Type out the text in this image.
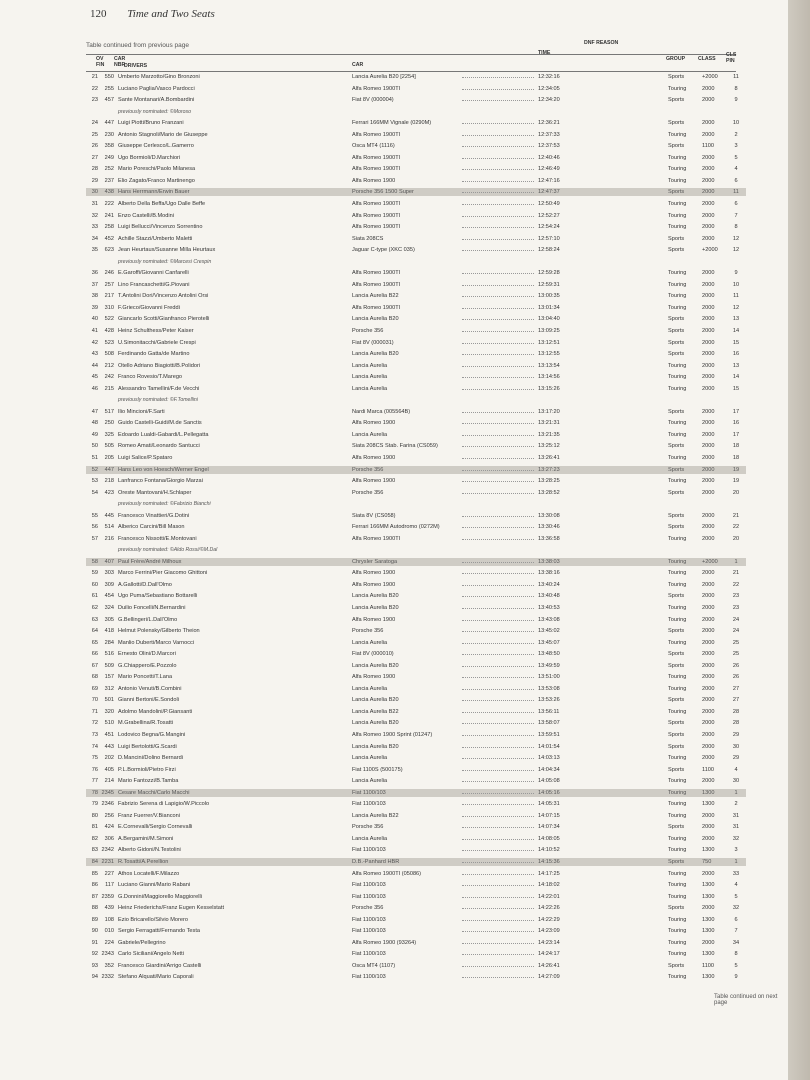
120 Time and Two Seats
Table continued from previous page
OV FIN
CAR NBR
DRIVERS	CAR
TIME
DNF REASON
GROUP CLASS
CLS PIN
21	550 Umberto Marzotto/Gino Bronzoni	Lancia Aurelia B20 [2254]	12:32:16	Sports	+2000	11
22	255 Luciano Paglia/Vasco Pardocci	Alfa Romeo 1900TI	12:34:05	Touring	2000	8
23	457 Sante Montanari/A.Bombardini	Fiat 8V (000004)	12:34:20	Sports	2000	9
previously nominated: ©Moroso
24	447 Luigi Piotti/Bruno Franzani	Ferrari 166MM Vignale (0290M)	12:36:21	Sports	2000	10
25	230 Antonio Stagnoli/Mario de Giuseppe	Alfa Romeo 1900TI	12:37:33	Touring	2000	2
26	358 Giuseppe Cerlesco/L.Gamerro	Osca MT4 (1116)	12:37:53	Sports	1100	3
27	249 Ugo Bormioli/D.Marchiori	Alfa Romeo 1900TI	12:40:46	Touring	2000	5
28	252 Mario Poreschi/Paolo Milanesa	Alfa Romeo 1900TI	12:46:49	Touring	2000	4
29	237 Elio Zagato/Franco Martinengo	Alfa Romeo 1900	12:47:16	Touring	2000	6
30	438 Hans Herrmann/Erwin Bauer	Porsche 356 1500 Super	12:47:37	Sports	2000	11
31	222 Alberto Della Beffa/Ugo Dalle Beffe	Alfa Romeo 1900TI	12:50:49	Touring	2000	6
32	241 Enzo Castelli/B.Modini	Alfa Romeo 1900TI	12:52:27	Touring	2000	7
33	258 Luigi Bellucci/Vincenzo Sorrentino	Alfa Romeo 1900TI	12:54:24	Touring	2000	8
34	452 Achille Stazzi/Umberto Maletti	Siata 208CS	12:57:10	Sports	2000	12
35	623 Jean Heurtaux/Susanne Milla Heurtaux	Jaguar C-type (XKC 035)	12:58:24	Sports	+2000	12
previously nominated: ©Marcesi Crespin
36	246 E.Garoffi/Giovanni Canfarelli	Alfa Romeo 1900TI	12:59:28	Touring	2000	9
37	257 Lino Francaschetti/G.Piovani	Alfa Romeo 1900TI	12:59:31	Touring	2000	10
38	217 T.Antolini Dori/Vincenzo Antolini Orsi	Lancia Aurelia B22	13:00:35	Touring	2000	11
39	310 F.Grieco/Giovanni Freddi	Alfa Romeo 1900TI	13:01:34	Touring	2000	12
40	522 Giancarlo Scotti/Gianfranco Pierotelli	Lancia Aurelia B20	13:04:40	Sports	2000	13
41	428 Heinz Schulthess/Peter Kaiser	Porsche 356	13:09:25	Sports	2000	14
42	523 U.Simonitacchi/Gabriele Crespi	Fiat 8V (000031)	13:12:51	Sports	2000	15
43	508 Ferdinando Gatta/de Martino	Lancia Aurelia B20	13:12:55	Sports	2000	16
44	212 Otello Adriano Biagiotti/B.Polidori	Lancia Aurelia	13:13:54	Touring	2000	13
45	242 Franco Rovesio/T.Marego	Lancia Aurelia	13:14:56	Touring	2000	14
46	215 Alessandro Tamellini/F.de Vecchi	Lancia Aurelia	13:15:26	Touring	2000	15
previously nominated: ©F.Tomellini
47	517 Ilio Mincioni/F.Sarti	Nardi Marca (005564B)	13:17:20	Sports	2000	17
48	250 Guido Castelli-Guidi/M.de Sanctis	Alfa Romeo 1900	13:21:31	Touring	2000	16
49	325 Edoardo Lualdi-Gabardi/L.Pellegatta	Lancia Aurelia	13:21:35	Touring	2000	17
50	505 Romeo Amati/Leonardo Santucci	Siata 208CS Stab. Farina (CS059)	13:25:12	Sports	2000	18
51	205 Luigi Salice/P.Spataro	Alfa Romeo 1900	13:26:41	Touring	2000	18
52	447 Hans Leo von Hoesch/Werner Engel	Porsche 356	13:27:23	Sports	2000	19
53	218 Lanfranco Fontana/Giorgio Marzai	Alfa Romeo 1900	13:28:25	Touring	2000	19
54	423 Oreste Mantovani/H.Schlaper	Porsche 356	13:28:52	Sports	2000	20
previously nominated: ©Fabrizio Bianchi
55	445 Francesco Vinattieri/G.Dotini	Siata 8V (CS058)	13:30:08	Sports	2000	21
56	514 Alberico Carcini/Bill Mason	Ferrari 166MM Autodromo (0272M)	13:30:46	Sports	2000	22
57	216 Francesco Nissotti/E.Montovani	Alfa Romeo 1900TI	13:36:58	Touring	2000	20
previously nominated: ©Aldo Rossi/©M.Dal
58	407 Paul Frère/André Milhoux	Chrysler Saratoga	13:38:03	Touring	+2000	1
59	303 Marco Ferrini/Pier Giacomo Ghittoni	Alfa Romeo 1900	13:38:16	Touring	2000	21
60	309 A.Gallotti/D.Dall'Olmo	Alfa Romeo 1900	13:40:24	Touring	2000	22
61	454 Ugo Puma/Sebastiano Bottarelli	Lancia Aurelia B20	13:40:48	Sports	2000	23
62	324 Duilio Foncelli/N.Bernardini	Lancia Aurelia B20	13:40:53	Touring	2000	23
63	305 G.Bellingeri/L.Dall'Olmo	Alfa Romeo 1900	13:43:08	Touring	2000	24
64	418 Helmut Polensky/Gilberto Theion	Porsche 356	13:45:02	Sports	2000	24
65	284 Manlio Duberti/Marco Varnocci	Lancia Aurelia	13:45:07	Touring	2000	25
66	516 Ernesto Olini/D.Marcori	Fiat 8V (000010)	13:48:50	Sports	2000	25
67	509 G.Chiappero/E.Pozzolo	Lancia Aurelia B20	13:49:59	Sports	2000	26
68	157 Mario Poncetti/T.Lana	Alfa Romeo 1900	13:51:00	Touring	2000	26
69	312 Antonio Venuti/B.Combini	Lancia Aurelia	13:53:08	Touring	2000	27
70	501 Gianni Bertoni/E.Sondoli	Lancia Aurelia B20	13:53:26	Sports	2000	27
71	320 Adolmo Mandolini/P.Giansanti	Lancia Aurelia B22	13:56:11	Touring	2000	28
72	510 M.Grabellina/R.Tosatti	Lancia Aurelia B20	13:58:07	Sports	2000	28
73	451 Lodovico Begna/G.Mangini	Alfa Romeo 1900 Sprint (01247)	13:59:51	Sports	2000	29
74	443 Luigi Bertolotti/G.Scardi	Lancia Aurelia B20	14:01:54	Sports	2000	30
75	202 D.Mancini/Dolino Bernardi	Lancia Aurelia	14:03:13	Touring	2000	29
76	405 P.L.Bormioli/Pietro Firzi	Fiat 1100S (500175)	14:04:34	Sports	1100	4
77	214 Mario Fantozzi/B.Tamba	Lancia Aurelia	14:05:08	Touring	2000	30
78 2345 Cesare Macchi/Carlo Macchi	Fiat 1100/103	14:05:16	Touring	1300	1
79 2346 Fabrizio Serena di Lapigio/W.Piccolo	Fiat 1100/103	14:05:31	Touring	1300	2
80	256 Franz Fuerrer/V.Bianconi	Lancia Aurelia B22	14:07:15	Touring	2000	31
81	424 E.Cornevalli/Sergio Cornevalli	Porsche 356	14:07:34	Sports	2000	31
82	306 A.Bergamini/M.Simoni	Lancia Aurelia	14:08:05	Touring	2000	32
83 2342 Alberto Gidoni/N.Testolini	Fiat 1100/103	14:10:52	Touring	1300	3
84 2231 R.Tosatti/A.Perellion	D.B.-Panhard HBR	14:15:36	Sports	750	1
85	227 Athos Locatelli/F.Milazzo	Alfa Romeo 1900TI (05086)	14:17:25	Touring	2000	33
86	117 Luciano Gianni/Mario Rabani	Fiat 1100/103	14:18:02	Touring	1300	4
87 2359 G.Donnini/Maggiorello Maggiorelli	Fiat 1100/103	14:22:01	Touring	1300	5
88	439 Heinz Friederichs/Franz Eugen Kesselstatt	Porsche 356	14:22:26	Sports	2000	32
89	108 Ezio Bricarello/Silvio Morero	Fiat 1100/103	14:22:29	Touring	1300	6
90	010 Sergio Ferragatti/Fernando Testa	Fiat 1100/103	14:23:09	Touring	1300	7
91	224 Gabriele/Pellegrino	Alfa Romeo 1900 (93264)	14:23:14	Touring	2000	34
92 2343 Carlo Siciliani/Angelo Netti	Fiat 1100/103	14:24:17	Touring	1300	8
93	352 Francesco Giardini/Arrigo Castelli	Osca MT4 (1107)	14:26:41	Sports	1100	5
94 2332 Stefano Alquati/Mario Caporali	Fiat 1100/103	14:27:09	Touring	1300	9
Table continued on next page
